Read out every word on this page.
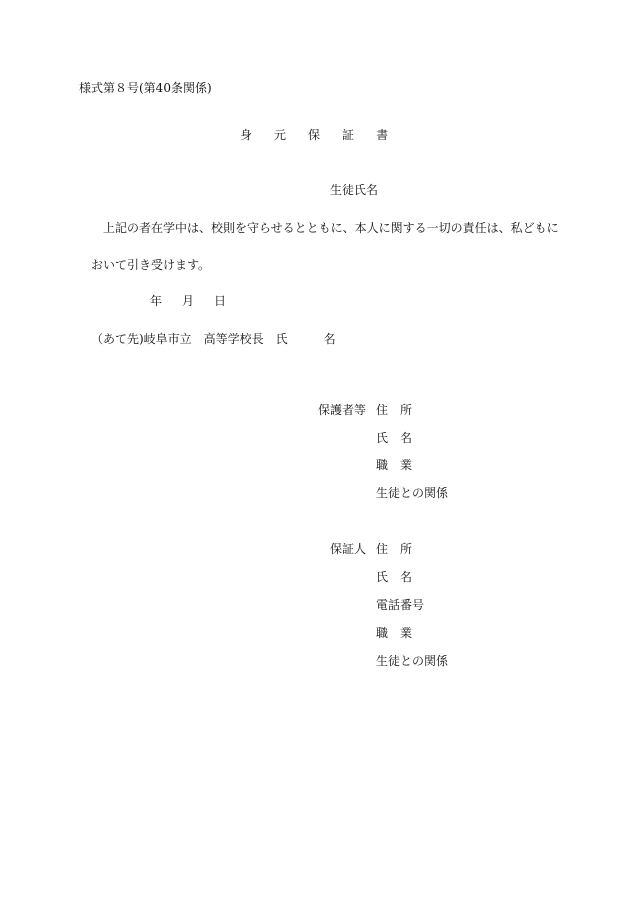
様式第８号(第40条関係)
身 元 保 証 書
生徒氏名
上記の者在学中は、校則を守らせるとともに、本人に関する一切の責任は、私どもに
おいて引き受けます。
年 月 日
（あて先)岐阜市立　高等学校長　氏　　　名
保護者等 住　所
氏　名
職　業
生徒との関係
保証人 住　所
氏　名
電話番号
職　業
生徒との関係
